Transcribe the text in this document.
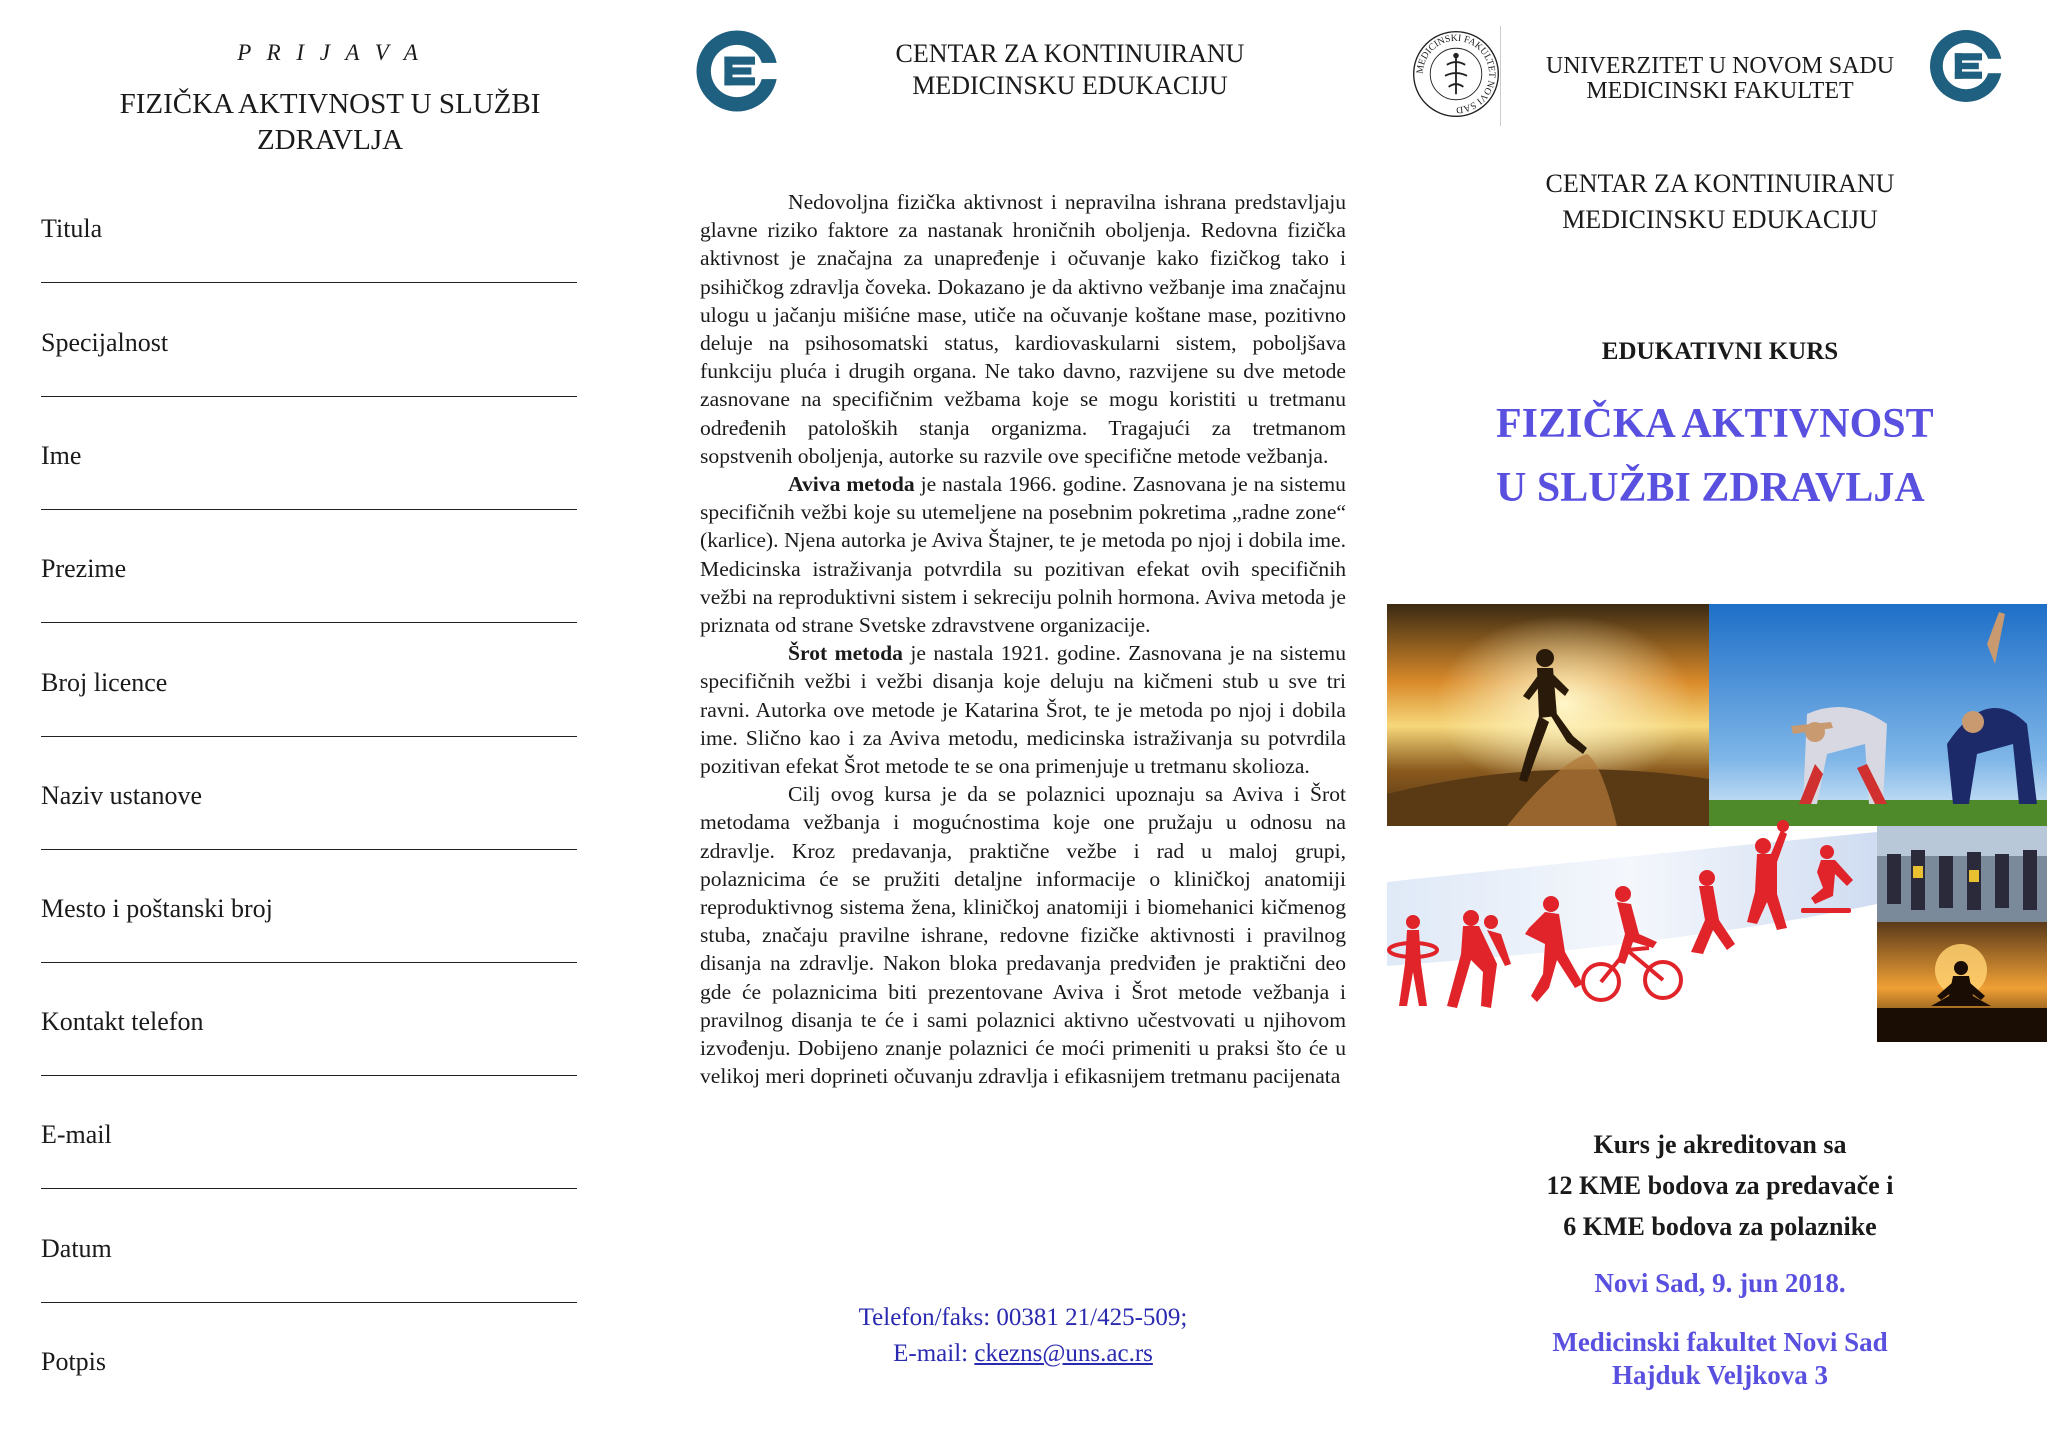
P R I J A V A
FIZIČKA AKTIVNOST U SLUŽBI ZDRAVLJA
Titula
Specijalnost
Ime
Prezime
Broj licence
Naziv ustanove
Mesto i poštanski broj
Kontakt telefon
E-mail
Datum
Potpis
CENTAR ZA KONTINUIRANU
MEDICINSKU EDUKACIJU

Nedovoljna fizička aktivnost i nepravilna ishrana predstavljaju glavne riziko faktore za nastanak hroničnih oboljenja. Redovna fizička aktivnost je značajna za unapređenje i očuvanje kako fizičkog tako i psihičkog zdravlja čoveka. Dokazano je da aktivno vežbanje ima značajnu ulogu u jačanju mišićne mase, utiče na očuvanje koštane mase, pozitivno deluje na psihosomatski status, kardiovaskularni sistem, poboljšava funkciju pluća i drugih organa. Ne tako davno, razvijene su dve metode zasnovane na specifičnim vežbama koje se mogu koristiti u tretmanu određenih patoloških stanja organizma. Tragajući za tretmanom sopstvenih oboljenja, autorke su razvile ove specifične metode vežbanja.

Aviva metoda je nastala 1966. godine. Zasnovana je na sistemu specifičnih vežbi koje su utemeljene na posebnim pokretima „radne zone“ (karlice). Njena autorka je Aviva Štajner, te je metoda po njoj i dobila ime. Medicinska istraživanja potvrdila su pozitivan efekat ovih specifičnih vežbi na reproduktivni sistem i sekreciju polnih hormona. Aviva metoda je priznata od strane Svetske zdravstvene organizacije.

Šrot metoda je nastala 1921. godine. Zasnovana je na sistemu specifičnih vežbi i vežbi disanja koje deluju na kičmeni stub u sve tri ravni. Autorka ove metode je Katarina Šrot, te je metoda po njoj i dobila ime. Slično kao i za Aviva metodu, medicinska istraživanja su potvrdila pozitivan efekat Šrot metode te se ona primenjuje u tretmanu skolioza.

Cilj ovog kursa je da se polaznici upoznaju sa Aviva i Šrot metodama vežbanja i mogućnostima koje one pružaju u odnosu na zdravlje. Kroz predavanja, praktične vežbe i rad u maloj grupi, polaznicima će se pružiti detaljne informacije o kliničkoj anatomiji reproduktivnog sistema žena, kliničkoj anatomiji i biomehanici kičmenog stuba, značaju pravilne ishrane, redovne fizičke aktivnosti i pravilnog disanja na zdravlje. Nakon bloka predavanja predviđen je praktični deo gde će polaznicima biti prezentovane Aviva i Šrot metode vežbanja i pravilnog disanja te će i sami polaznici aktivno učestvovati u njihovom izvođenju. Dobijeno znanje polaznici će moći primeniti u praksi što će u velikoj meri doprineti očuvanju zdravlja i efikasnijem tretmanu pacijenata

Telefon/faks: 00381 21/425-509;
E-mail: ckezns@uns.ac.rs
MEDICINSKI FAKULTET NOVI SAD
UNIVERZITET U NOVOM SADU
MEDICINSKI FAKULTET
CENTAR ZA KONTINUIRANU
MEDICINSKU EDUKACIJU
EDUKATIVNI KURS
FIZIČKA AKTIVNOST
U SLUŽBI ZDRAVLJA
Kurs je akreditovan sa
12 KME bodova za predavače i
6 KME bodova za polaznike
Novi Sad, 9. jun 2018.
Medicinski fakultet Novi Sad
Hajduk Veljkova 3
